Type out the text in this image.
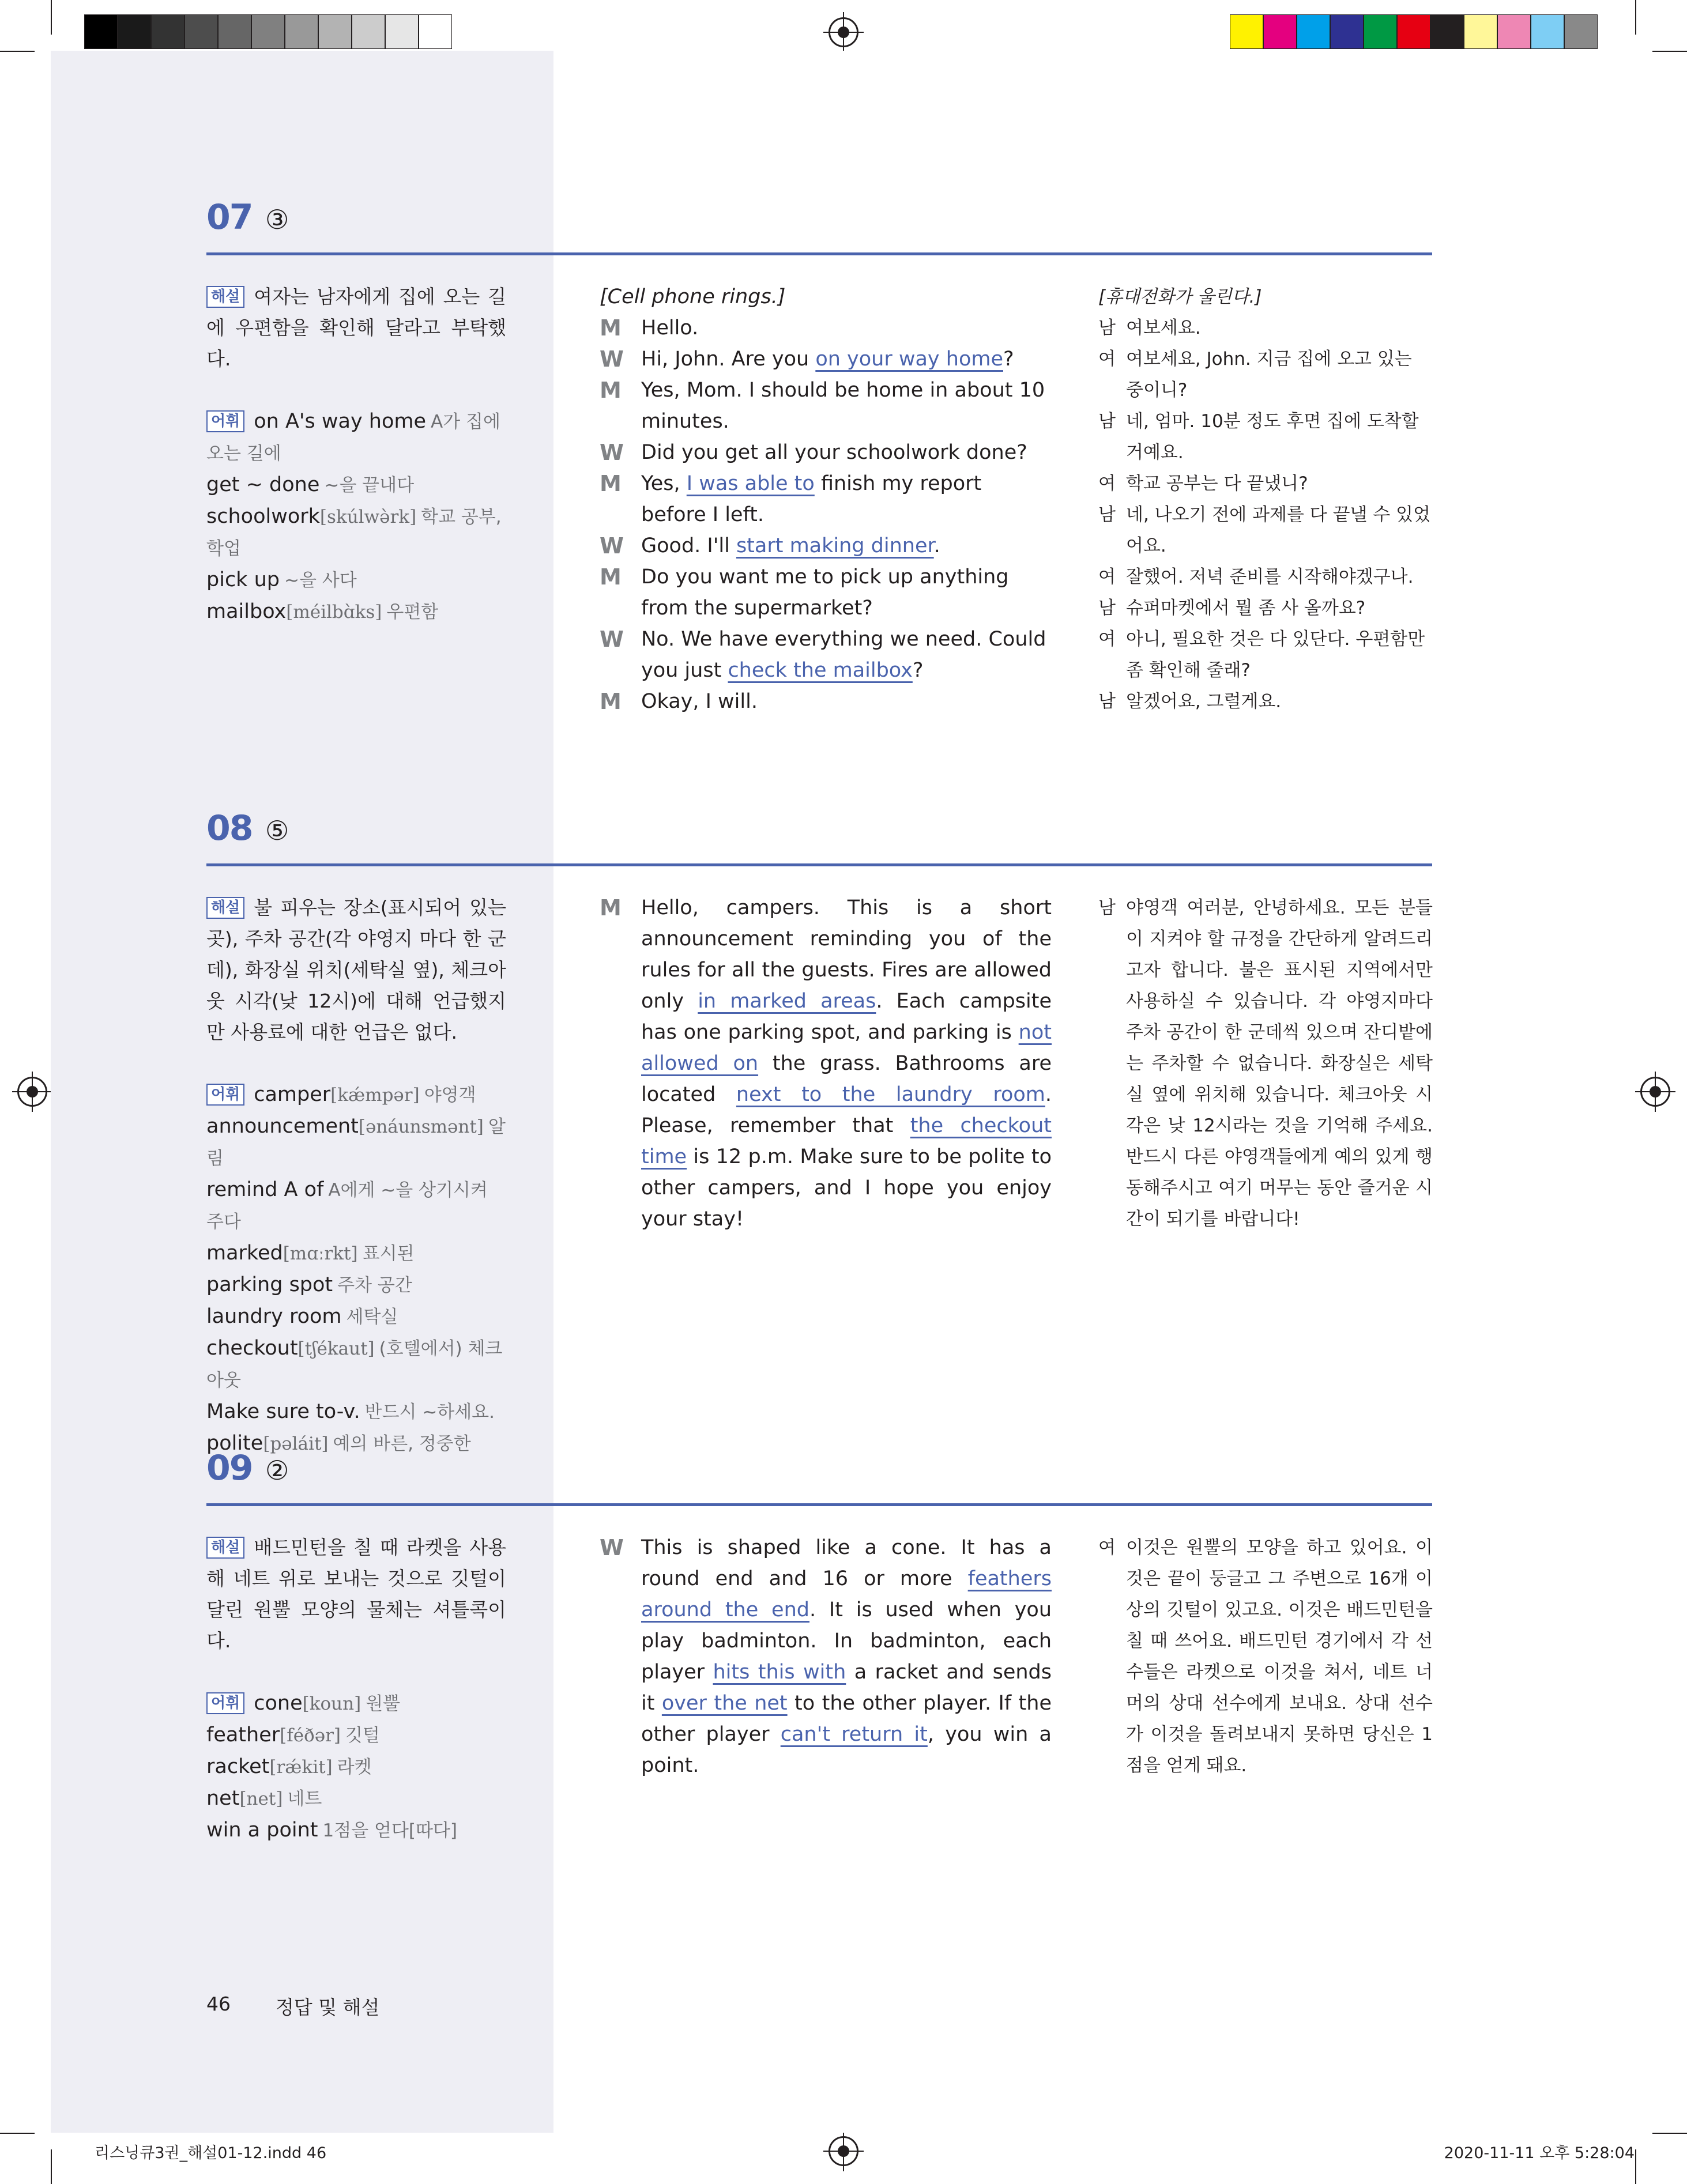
07 ③
해설 여자는 남자에게 집에 오는 길에 우편함을 확인해 달라고 부탁했다.
어휘 on A's way home A가 집에 오는 길에
get ~ done ~을 끝내다
schoolwork[skúlwə̀rk] 학교 공부, 학업
pick up ~을 사다
mailbox[méilbɑ̀ks] 우편함
[Cell phone rings.]
M Hello.
W Hi, John. Are you on your way home?
M Yes, Mom. I should be home in about 10 minutes.
W Did you get all your schoolwork done?
M Yes, I was able to finish my report before I left.
W Good. I'll start making dinner.
M Do you want me to pick up anything from the supermarket?
W No. We have everything we need. Could you just check the mailbox?
M Okay, I will.
[휴대전화가 울린다.]
남 여보세요.
여 여보세요, John. 지금 집에 오고 있는 중이니?
남 네, 엄마. 10분 정도 후면 집에 도착할 거예요.
여 학교 공부는 다 끝냈니?
남 네, 나오기 전에 과제를 다 끝낼 수 있었어요.
여 잘했어. 저녁 준비를 시작해야겠구나.
남 슈퍼마켓에서 뭘 좀 사 올까요?
여 아니, 필요한 것은 다 있단다. 우편함만 좀 확인해 줄래?
남 알겠어요, 그럴게요.
08 ⑤
해설 불 피우는 장소(표시되어 있는 곳), 주차 공간(각 야영지 마다 한 군데), 화장실 위치(세탁실 옆), 체크아웃 시각(낮 12시)에 대해 언급했지만 사용료에 대한 언급은 없다.
어휘 camper[kǽmpər] 야영객
announcement[ənáunsmənt] 알림
remind A of A에게 ~을 상기시켜 주다
marked[mɑːrkt] 표시된
parking spot 주차 공간
laundry room 세탁실
checkout[tʃékaut] (호텔에서) 체크아웃
Make sure to-v. 반드시 ~하세요.
polite[pəláit] 예의 바른, 정중한
M Hello, campers. This is a short announcement reminding you of the rules for all the guests. Fires are allowed only in marked areas. Each campsite has one parking spot, and parking is not allowed on the grass. Bathrooms are located next to the laundry room. Please, remember that the checkout time is 12 p.m. Make sure to be polite to other campers, and I hope you enjoy your stay!
남 야영객 여러분, 안녕하세요. 모든 분들이 지켜야 할 규정을 간단하게 알려드리고자 합니다. 불은 표시된 지역에서만 사용하실 수 있습니다. 각 야영지마다 주차 공간이 한 군데씩 있으며 잔디밭에는 주차할 수 없습니다. 화장실은 세탁실 옆에 위치해 있습니다. 체크아웃 시각은 낮 12시라는 것을 기억해 주세요. 반드시 다른 야영객들에게 예의 있게 행동해주시고 여기 머무는 동안 즐거운 시간이 되기를 바랍니다!
09 ②
해설 배드민턴을 칠 때 라켓을 사용해 네트 위로 보내는 것으로 깃털이 달린 원뿔 모양의 물체는 셔틀콕이다.
어휘 cone[koun] 원뿔
feather[féðər] 깃털
racket[rǽkit] 라켓
net[net] 네트
win a point 1점을 얻다[따다]
W This is shaped like a cone. It has a round end and 16 or more feathers around the end. It is used when you play badminton. In badminton, each player hits this with a racket and sends it over the net to the other player. If the other player can't return it, you win a point.
여 이것은 원뿔의 모양을 하고 있어요. 이것은 끝이 둥글고 그 주변으로 16개 이상의 깃털이 있고요. 이것은 배드민턴을 칠 때 쓰어요. 배드민턴 경기에서 각 선수들은 라켓으로 이것을 쳐서, 네트 너머의 상대 선수에게 보내요. 상대 선수가 이것을 돌려보내지 못하면 당신은 1점을 얻게 돼요.
46 정답 및 해설
리스닝큐3권_해설01-12.indd 46	2020-11-11 오후 5:28:04
